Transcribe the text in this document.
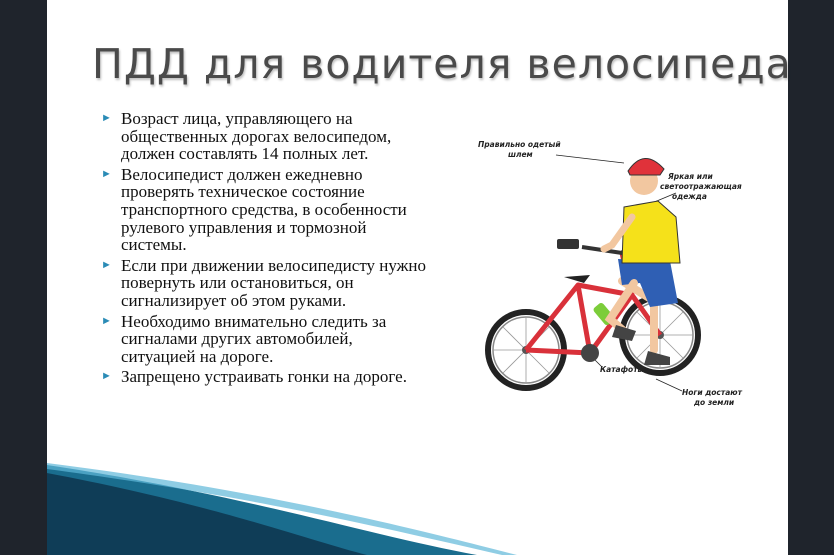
ПДД для водителя велосипеда
► Возраст лица, управляющего на общественных дорогах велосипедом, должен составлять 14 полных лет.
► Велосипедист должен ежедневно проверять техническое состояние транспортного средства, в особенности рулевого управления и тормозной системы.
► Если при движении велосипедисту нужно повернуть или остановиться, он сигнализирует об этом руками.
► Необходимо внимательно следить за сигналами других автомобилей, ситуацией на дороге.
► Запрещено устраивать гонки на дороге.
Правильно одетый
шлем
Яркая или
светоотражающая
одежда
Катафоты
Ноги достают
до земли
